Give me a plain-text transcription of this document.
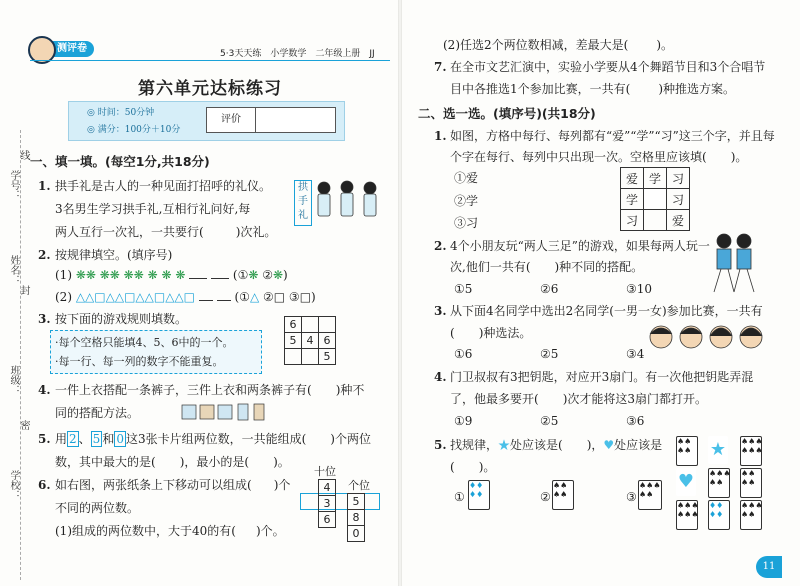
学号：
姓名：
班级：
学校：
线
封
密
测评卷	5·3天天练　小学数学　二年级上册　JJ
第六单元达标练习
◎ 时间：50分钟
◎ 满分：100分＋10分
评价
一、填一填。(每空1分,共18分)
1. 拱手礼是古人的一种见面打招呼的礼仪。
3名男生学习拱手礼,互相行礼问好,每
两人互行一次礼，一共要行(	)次礼。
拱手礼
2. 按规律填空。(填序号)
(1) ❋❋ ❋❋ ❋❋ ❋ ❋ ❋	(①❋ ②❋)
(2) △△□△△□△△□△△□	(①△ ②□ ③□)
3. 按下面的游戏规则填数。
·每个空格只能填4、5、6中的一个。
·每一行、每一列的数字不能重复。
6		
5	4	6
		5
4. 一件上衣搭配一条裤子，三件上衣和两条裤子有( )种不
同的搭配方法。
5. 用 2 、 5 和 0 这3张卡片组两位数，一共能组成( )个两位
数，其中最大的是( )，最小的是( )。
6. 如右图，两张纸条上下移动可以组成( )个
不同的两位数。
(1)组成的两位数中，大于40的有( )个。
十位
个位
4
3
6
5
8
0
(2)任选2个两位数相减，差最大是( )。
7. 在全市文艺汇演中，实验小学要从4个舞蹈节目和3个合唱节
目中各推选1个参加比赛，一共有( )种推选方案。
二、选一选。(填序号)(共18分)
1. 如图，方格中每行、每列都有“爱”“学”“习”这三个字，并且每
个字在每行、每列中只出现一次。空格里应该填( )。
①爱
②学
③习
爱	学	习
学		习
习		爱
2. 4个小朋友玩“两人三足”的游戏，如果每两人玩一
次,他们一共有( )种不同的搭配。
①5	②6	③10
3. 从下面4名同学中选出2名同学(一男一女)参加比赛，一共有
( )种选法。
①6	②5	③4
4. 门卫叔叔有3把钥匙，对应开3扇门。有一次他把钥匙弄混
了，他最多要开( )次才能将这3扇门都打开。
①9	②5	③6
5. 找规律，★处应该是( )，♥处应该是
( )。
①	②	③
♦♦
♦♦
♠♠
♠♠
♠♠♠
♠♠
♠♠
♠♠	★ ♠♠♠
♠♠♠
♥ ♠♠♠
♠♠
♠♠
♠♠
♠♠♠
♠♠♠
♦♦
♦♦
♠♠♠
♠♠
11
